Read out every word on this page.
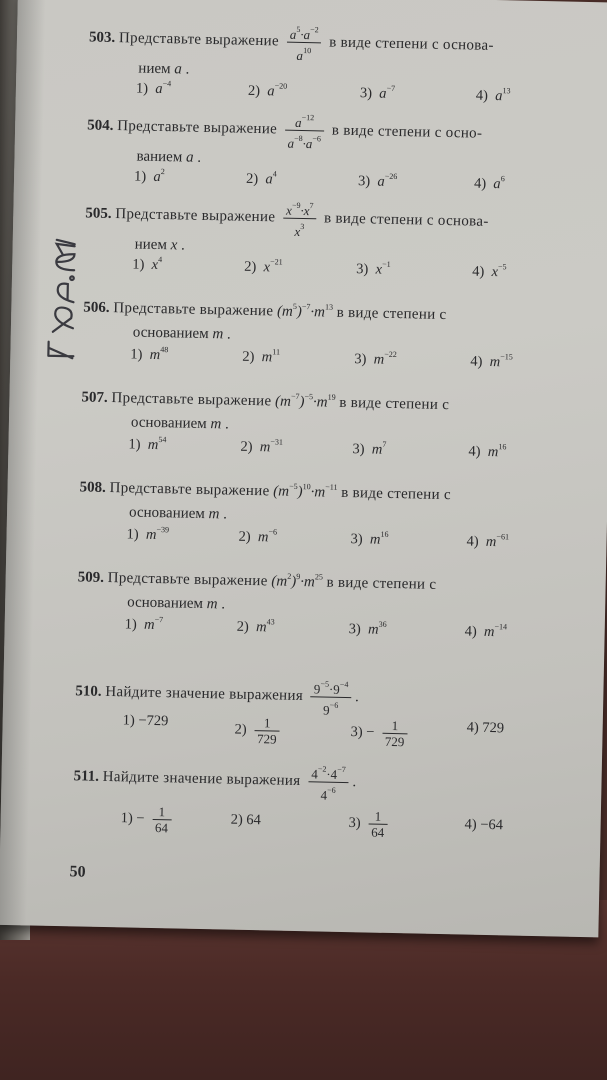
503. Представьте выражение $\frac{a^5\cdot a^{-2}}{a^{10}}$ в виде степени с основа-
нием a .
1)  $a^{-4}$	2)  $a^{-20}$	3)  $a^{-7}$	4)  $a^{13}$
504. Представьте выражение $\frac{a^{-12}}{a^{-8}\cdot a^{-6}}$ в виде степени с осно-
ванием a .
1)  $a^2$	2)  $a^4$	3)  $a^{-26}$	4)  $a^6$
505. Представьте выражение $\frac{x^{-9}\cdot x^7}{x^3}$ в виде степени с основа-
нием x .
1)  $x^4$	2)  $x^{-21}$	3)  $x^{-1}$	4)  $x^{-5}$
506. Представьте выражение $(m^5)^{-7}\cdot m^{13}$ в виде степени с
основанием m .
1)  $m^{48}$	2)  $m^{11}$	3)  $m^{-22}$	4)  $m^{-15}$
507. Представьте выражение $(m^{-7})^{-5}\cdot m^{19}$ в виде степени с
основанием m .
1)  $m^{54}$	2)  $m^{-31}$	3)  $m^7$	4)  $m^{16}$
508. Представьте выражение $(m^{-5})^{10}\cdot m^{-11}$ в виде степени с
основанием m .
1)  $m^{-39}$	2)  $m^{-6}$	3)  $m^{16}$	4)  $m^{-61}$
509. Представьте выражение $(m^2)^9\cdot m^{25}$ в виде степени с
основанием m .
1)  $m^{-7}$	2)  $m^{43}$	3)  $m^{36}$	4)  $m^{-14}$
510. Найдите значение выражения $\frac{9^{-5}\cdot 9^{-4}}{9^{-6}}$ .
1) −729
$2) \frac{1}{729}$	$3) - \frac{1}{729}$	4) 729
511. Найдите значение выражения $\frac{4^{-2}\cdot 4^{-7}}{4^{-6}}$ .
$1) - \frac{1}{64}$	2) 64	$3) \frac{1}{64}$	4) −64
50
